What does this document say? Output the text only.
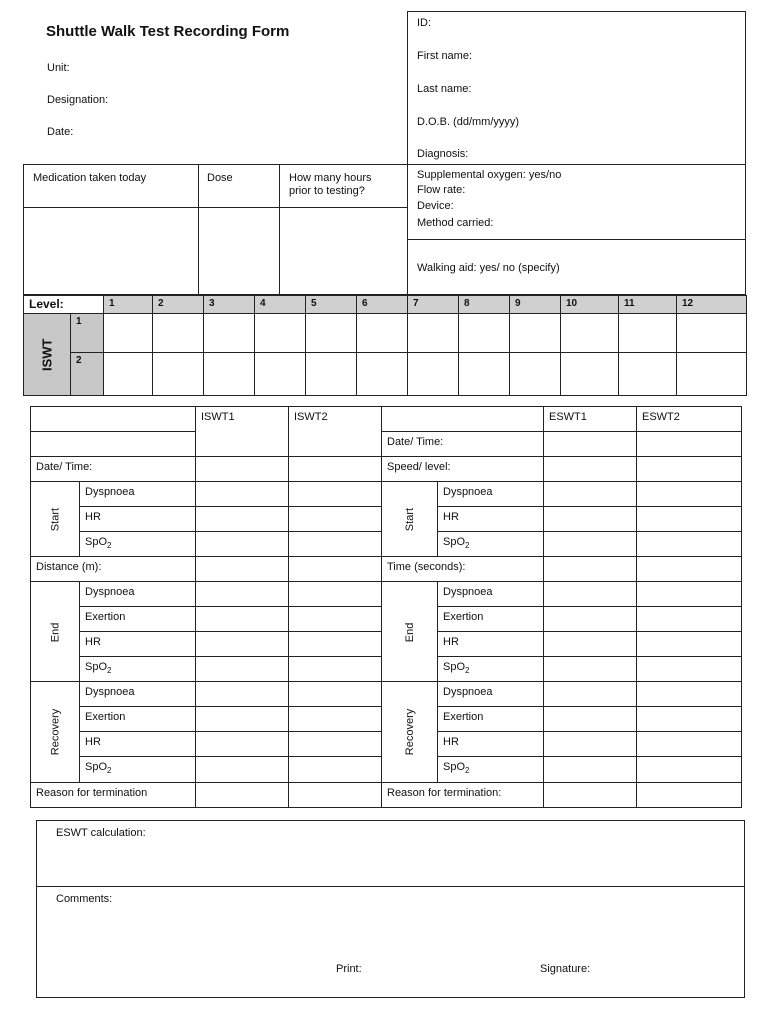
Shuttle Walk Test Recording Form
Unit:
Designation:
Date:
ID:
First name:
Last name:
D.O.B. (dd/mm/yyyy)
Diagnosis:
Medication taken today	Dose	How many hours
prior to testing?
Supplemental oxygen: yes/no
Flow rate:
Device:
Method carried:
Walking aid: yes/ no (specify)
Level:		1	2	3	4	5	6	7	8	9	10	11	12
ISWT	1												
	2												
		ISWT1	ISWT2			ESWT1	ESWT2
				Date/ Time:			
Date/ Time:				Speed/ level:			
Start	Dyspnoea			Start	Dyspnoea		
	HR				HR		
	SpO$_2$				SpO$_2$		
Distance (m):				Time (seconds):			
End	Dyspnoea			End	Dyspnoea		
	Exertion				Exertion		
	HR				HR		
	SpO$_2$				SpO$_2$		
Recovery	Dyspnoea			Recovery	Dyspnoea		
	Exertion				Exertion		
	HR				HR		
	SpO$_2$				SpO$_2$		
Reason for termination				Reason for termination:			
ESWT calculation:
Comments:
Print:	Signature:
